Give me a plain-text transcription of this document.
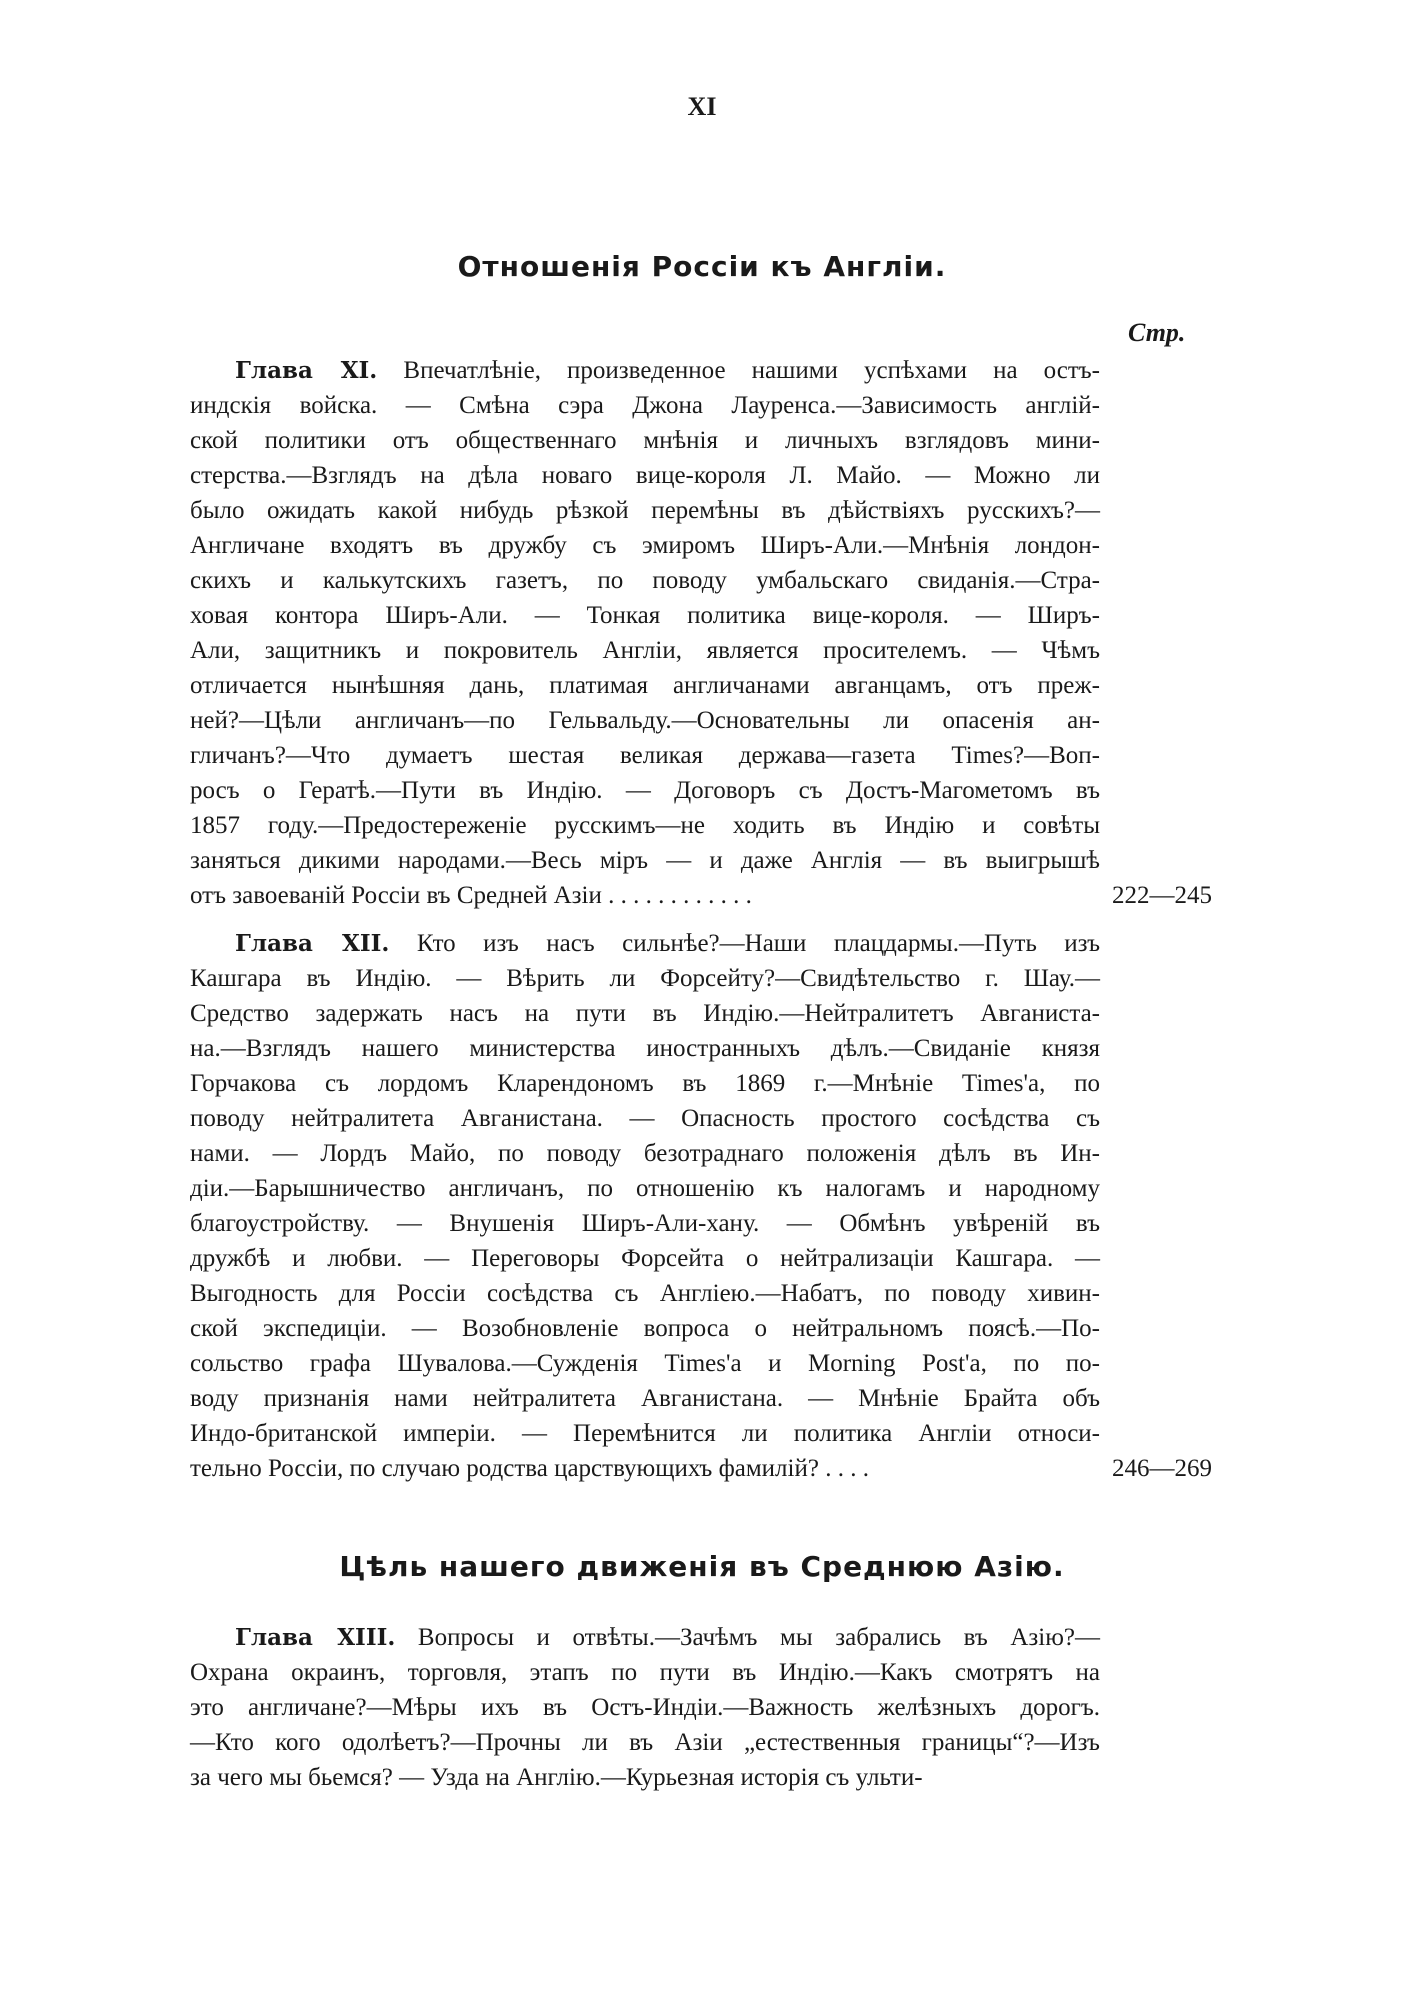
XI
Отношенія Россіи къ Англіи.
Стр.
Глава XI. Впечатлѣніе, произведенное нашими успѣхами на остъ-
индскія войска. — Смѣна сэра Джона Лауренса.—Зависимость англій-
ской политики отъ общественнаго мнѣнія и личныхъ взглядовъ мини-
стерства.—Взглядъ на дѣла новаго вице-короля Л. Майо. — Можно ли
было ожидать какой нибудь рѣзкой перемѣны въ дѣйствіяхъ русскихъ?—
Англичане входятъ въ дружбу съ эмиромъ Ширъ-Али.—Мнѣнія лондон-
скихъ и калькутскихъ газетъ, по поводу умбальскаго свиданія.—Стра-
ховая контора Ширъ-Али. — Тонкая политика вице-короля. — Ширъ-
Али, защитникъ и покровитель Англіи, является просителемъ. — Чѣмъ
отличается нынѣшняя дань, платимая англичанами авганцамъ, отъ преж-
ней?—Цѣли англичанъ—по Гельвальду.—Основательны ли опасенія ан-
гличанъ?—Что думаетъ шестая великая держава—газета Times?—Воп-
росъ о Гератѣ.—Пути въ Индію. — Договоръ съ Достъ-Магометомъ въ
1857 году.—Предостереженіе русскимъ—не ходить въ Индію и совѣты
заняться дикими народами.—Весь міръ — и даже Англія — въ выигрышѣ
отъ завоеваній Россіи въ Средней Азіи . . . . . . . . . . . .	222—245
Глава XII. Кто изъ насъ сильнѣе?—Наши плацдармы.—Путь изъ
Кашгара въ Индію. — Вѣрить ли Форсейту?—Свидѣтельство г. Шау.—
Средство задержать насъ на пути въ Индію.—Нейтралитетъ Авганиста-
на.—Взглядъ нашего министерства иностранныхъ дѣлъ.—Свиданіе князя
Горчакова съ лордомъ Кларендономъ въ 1869 г.—Мнѣніе Times'а, по
поводу нейтралитета Авганистана. — Опасность простого сосѣдства съ
нами. — Лордъ Майо, по поводу безотраднаго положенія дѣлъ въ Ин-
діи.—Барышничество англичанъ, по отношенію къ налогамъ и народному
благоустройству. — Внушенія Ширъ-Али-хану. — Обмѣнъ увѣреній въ
дружбѣ и любви. — Переговоры Форсейта о нейтрализаціи Кашгара. —
Выгодность для Россіи сосѣдства съ Англіею.—Набатъ, по поводу хивин-
ской экспедиціи. — Возобновленіе вопроса о нейтральномъ поясѣ.—По-
сольство графа Шувалова.—Сужденія Times'а и Morning Post'а, по по-
воду признанія нами нейтралитета Авганистана. — Мнѣніе Брайта объ
Индо-британской имперіи. — Перемѣнится ли политика Англіи относи-
тельно Россіи, по случаю родства царствующихъ фамилій? . . . .	246—269
Цѣль нашего движенія въ Среднюю Азію.
Глава XIII. Вопросы и отвѣты.—Зачѣмъ мы забрались въ Азію?—
Охрана окраинъ, торговля, этапъ по пути въ Индію.—Какъ смотрятъ на
это англичане?—Мѣры ихъ въ Остъ-Индіи.—Важность желѣзныхъ дорогъ.
—Кто кого одолѣетъ?—Прочны ли въ Азіи „естественныя границы“?—Изъ
за чего мы бьемся? — Узда на Англію.—Курьезная исторія съ ульти-
